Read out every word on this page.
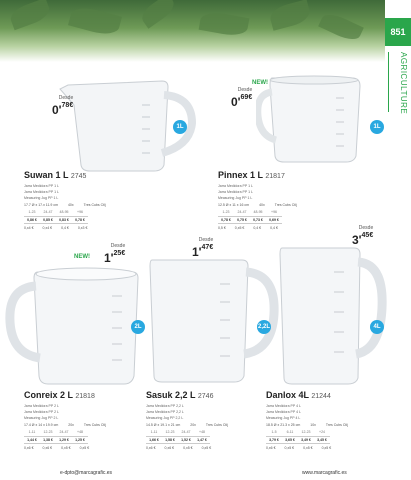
851
AGRICULTURE
Desde
$0'^{78€}$
1L
NEW!
Desde
$0'^{69€}$
1L
NEW!
Desde
$1'^{25€}$
2L
Desde
$1'^{47€}$
2,2L
Desde
$3'^{45€}$
4L
Suwan 1 L 2745
Jarra Medidora PP 1 L
Jarra Medidora PP 1 L
Measuring Jug PP 1 L
17.7 Ø x 17.x 11.9 cm	40x	Tres Cubs Ctlj
1-23	24-47	48-95	+96
0,86 €	0,85 €	0,83 €	0,78 €
0,x4 €	0,x4 €	0,4 €	0,x3 €
Pinnex 1 L 21817
Jarra Medidora PP 1 L
Jarra Medidora PP 1 L
Measuring Jug PP 1 L
12.5 Ø x 11 x 16 cm	40x	Tres Cubs Ctlj
1-23	24-47	48-95	+96
0,78 €	0,75 €	0,73 €	0,69 €
0,5 €	0,x5 €	0,4 €	0,4 €
Conreix 2 L 21818
Jarra Medidora PP 2 L
Jarra Medidora PP 2 L
Measuring Jug PP 2 L
17.4 Ø x 14 x 19.9 cm	20x	Tres Cubs Ctlj
1-11	12-23	24-47	+48
1,44 €	1,38 €	1,29 €	1,25 €
0,x6 €	0,x6 €	0,x5 €	0,x5 €
Sasuk 2,2 L 2746
Jarra Medidora PP 2,2 L
Jarra Medidora PP 2,2 L
Measuring Jug PP 2,2 L
14.5 Ø x 19.1 x 21 cm	20x	Tres Cubs Ctlj
1-11	12-23	24-47	+48
1,66 €	1,58 €	1,52 €	1,47 €
0,x6 €	0,x6 €	0,x5 €	0,x5 €
Danlox 4L 21244
Jarra Medidora PP 4 L
Jarra Medidora PP 4 L
Measuring Jug PP 4 L
18.5 Ø x 21.3 x 25 cm	10x	Tres Cubs Ctlj
1-5	6-11	12-23	+24
3,79 €	3,65 €	3,49 €	3,45 €
0,x6 €	0,x5 €	0,x5 €	0,x5 €
e-dpto@marcagrafic.es	www.marcagrafic.es
